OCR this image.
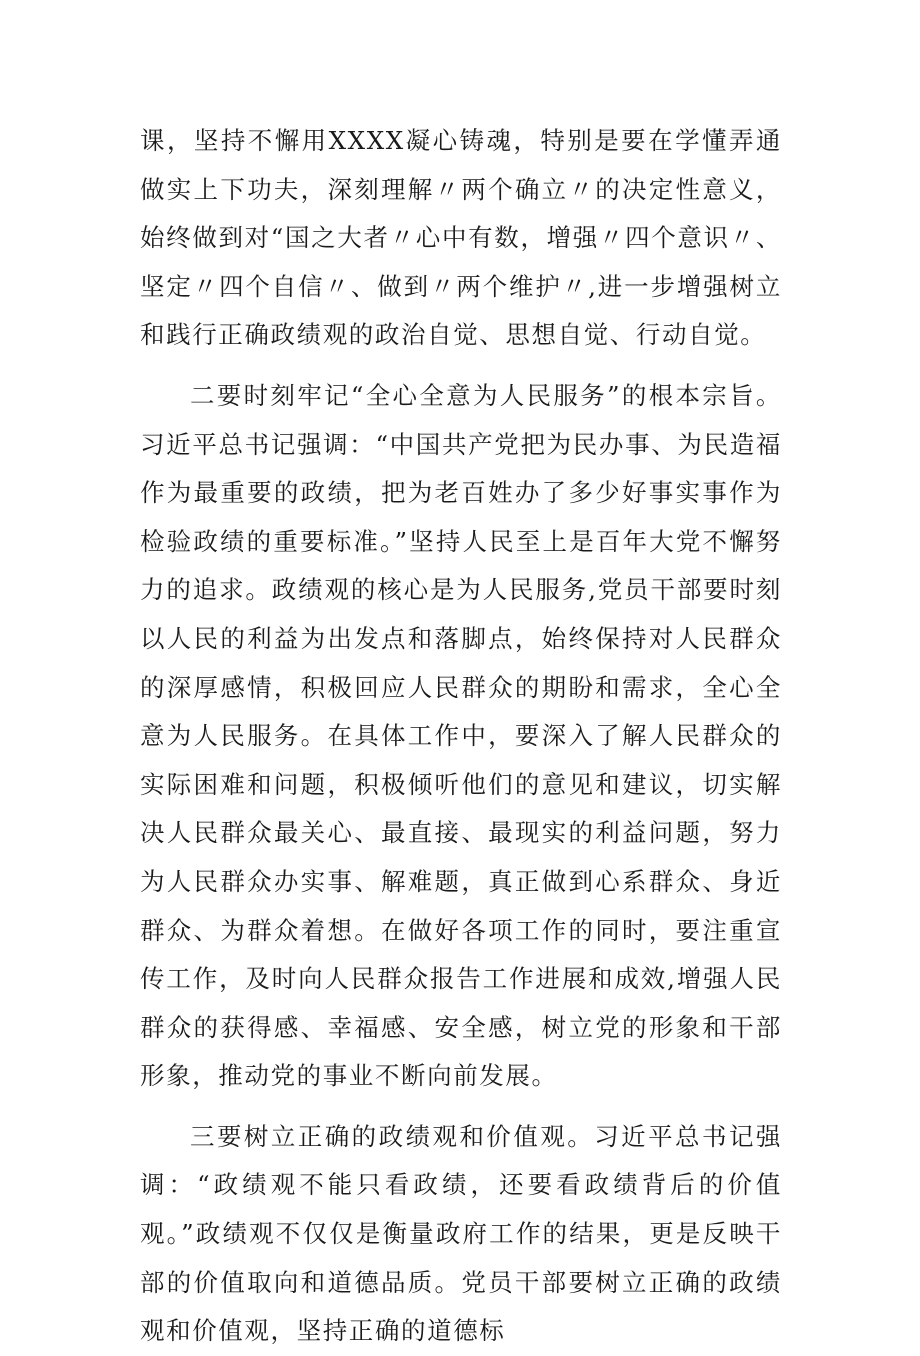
课，坚持不懈用XXXX凝心铸魂，特别是要在学懂弄通做实上下功夫，深刻理解〃两个确立〃的决定性意义，始终做到对“国之大者〃心中有数，增强〃四个意识〃、坚定〃四个自信〃、做到〃两个维护〃,进一步增强树立和践行正确政绩观的政治自觉、思想自觉、行动自觉。

二要时刻牢记“全心全意为人民服务”的根本宗旨。习近平总书记强调：“中国共产党把为民办事、为民造福作为最重要的政绩，把为老百姓办了多少好事实事作为检验政绩的重要标准。”坚持人民至上是百年大党不懈努力的追求。政绩观的核心是为人民服务,党员干部要时刻以人民的利益为出发点和落脚点，始终保持对人民群众的深厚感情，积极回应人民群众的期盼和需求，全心全意为人民服务。在具体工作中，要深入了解人民群众的实际困难和问题，积极倾听他们的意见和建议，切实解决人民群众最关心、最直接、最现实的利益问题，努力为人民群众办实事、解难题，真正做到心系群众、身近群众、为群众着想。在做好各项工作的同时，要注重宣传工作，及时向人民群众报告工作进展和成效,增强人民群众的获得感、幸福感、安全感，树立党的形象和干部形象，推动党的事业不断向前发展。

三要树立正确的政绩观和价值观。习近平总书记强调：“政绩观不能只看政绩，还要看政绩背后的价值观。”政绩观不仅仅是衡量政府工作的结果，更是反映干部的价值取向和道德品质。党员干部要树立正确的政绩观和价值观，坚持正确的道德标
